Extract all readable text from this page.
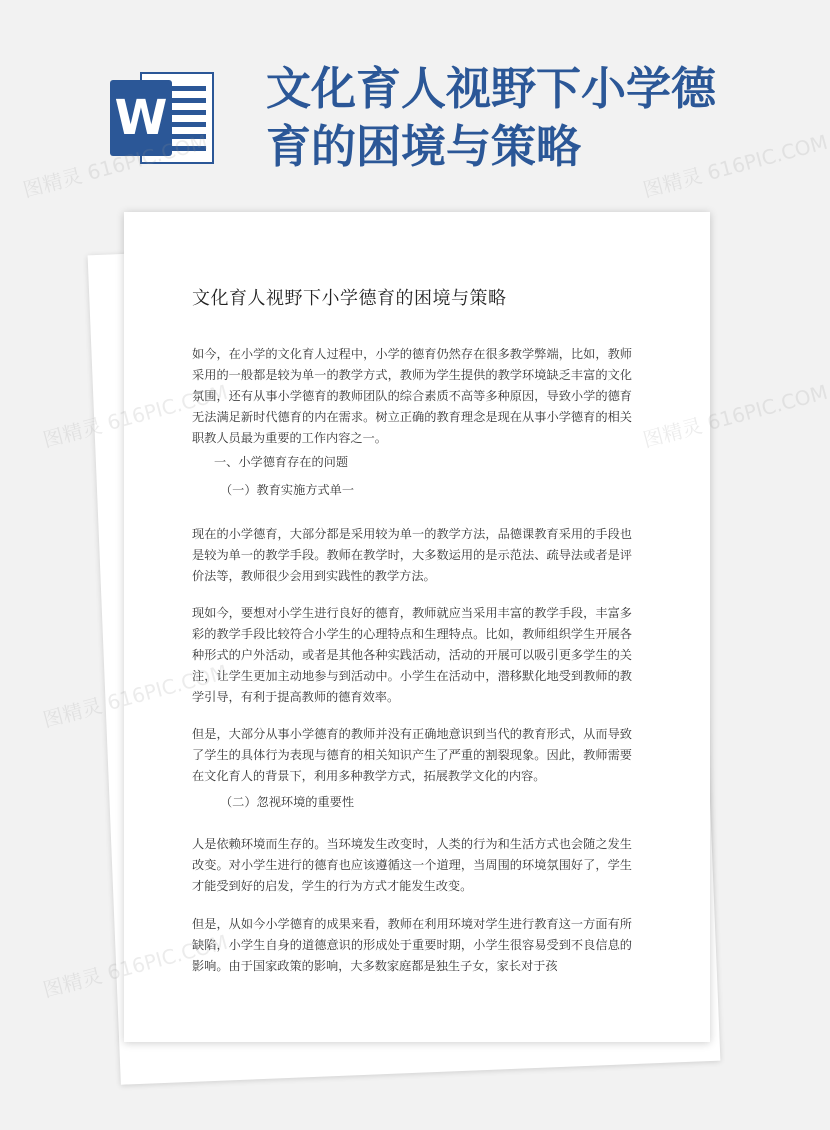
W
文化育人视野下小学德育的困境与策略
文化育人视野下小学德育的困境与策略

如今，在小学的文化育人过程中，小学的德育仍然存在很多教学弊端，比如，教师采用的一般都是较为单一的教学方式，教师为学生提供的教学环境缺乏丰富的文化氛围，还有从事小学德育的教师团队的综合素质不高等多种原因，导致小学的德育无法满足新时代德育的内在需求。树立正确的教育理念是现在从事小学德育的相关职教人员最为重要的工作内容之一。

一、小学德育存在的问题

（一）教育实施方式单一

现在的小学德育，大部分都是采用较为单一的教学方法，品德课教育采用的手段也是较为单一的教学手段。教师在教学时，大多数运用的是示范法、疏导法或者是评价法等，教师很少会用到实践性的教学方法。

现如今，要想对小学生进行良好的德育，教师就应当采用丰富的教学手段，丰富多彩的教学手段比较符合小学生的心理特点和生理特点。比如，教师组织学生开展各种形式的户外活动，或者是其他各种实践活动，活动的开展可以吸引更多学生的关注，让学生更加主动地参与到活动中。小学生在活动中，潜移默化地受到教师的教学引导，有利于提高教师的德育效率。

但是，大部分从事小学德育的教师并没有正确地意识到当代的教育形式，从而导致了学生的具体行为表现与德育的相关知识产生了严重的割裂现象。因此，教师需要在文化育人的背景下，利用多种教学方式，拓展教学文化的内容。

（二）忽视环境的重要性

人是依赖环境而生存的。当环境发生改变时，人类的行为和生活方式也会随之发生改变。对小学生进行的德育也应该遵循这一个道理，当周围的环境氛围好了，学生才能受到好的启发，学生的行为方式才能发生改变。

但是，从如今小学德育的成果来看，教师在利用环境对学生进行教育这一方面有所缺陷，小学生自身的道德意识的形成处于重要时期，小学生很容易受到不良信息的影响。由于国家政策的影响，大多数家庭都是独生子女，家长对于孩

图精灵 616PIC.COM	图精灵 616PIC.COM
图精灵	图精灵 616PIC.COM
图精灵
图精灵
